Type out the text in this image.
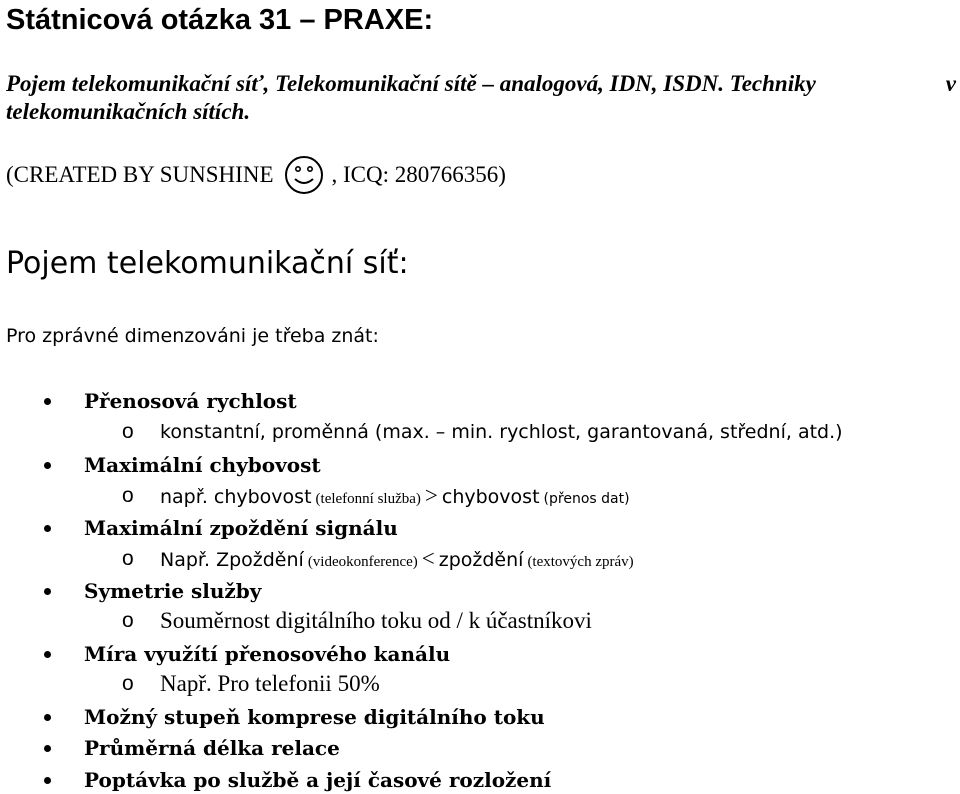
Státnicová otázka 31 – PRAXE:
Pojem telekomunikační síť, Telekomunikační sítě – analogová, IDN, ISDN. Techniky	v
telekomunikačních sítích.
(CREATED BY SUNSHINE	, ICQ: 280766356)
Pojem telekomunikační síť:
Pro zprávné dimenzováni je třeba znát:
Přenosová rychlost
o konstantní, proměnná (max. – min. rychlost, garantovaná, střední, atd.)
Maximální chybovost
o např. chybovost (telefonní služba) > chybovost (přenos dat)
Maximální zpoždění signálu
o Např. Zpoždění (videokonference) < zpoždění (textových zpráv)
Symetrie služby
o Souměrnost digitálního toku od / k účastníkovi
Míra využítí přenosového kanálu
o Např. Pro telefonii 50%
Možný stupeň komprese digitálního toku
Průměrná délka relace
Poptávka po službě a její časové rozložení
